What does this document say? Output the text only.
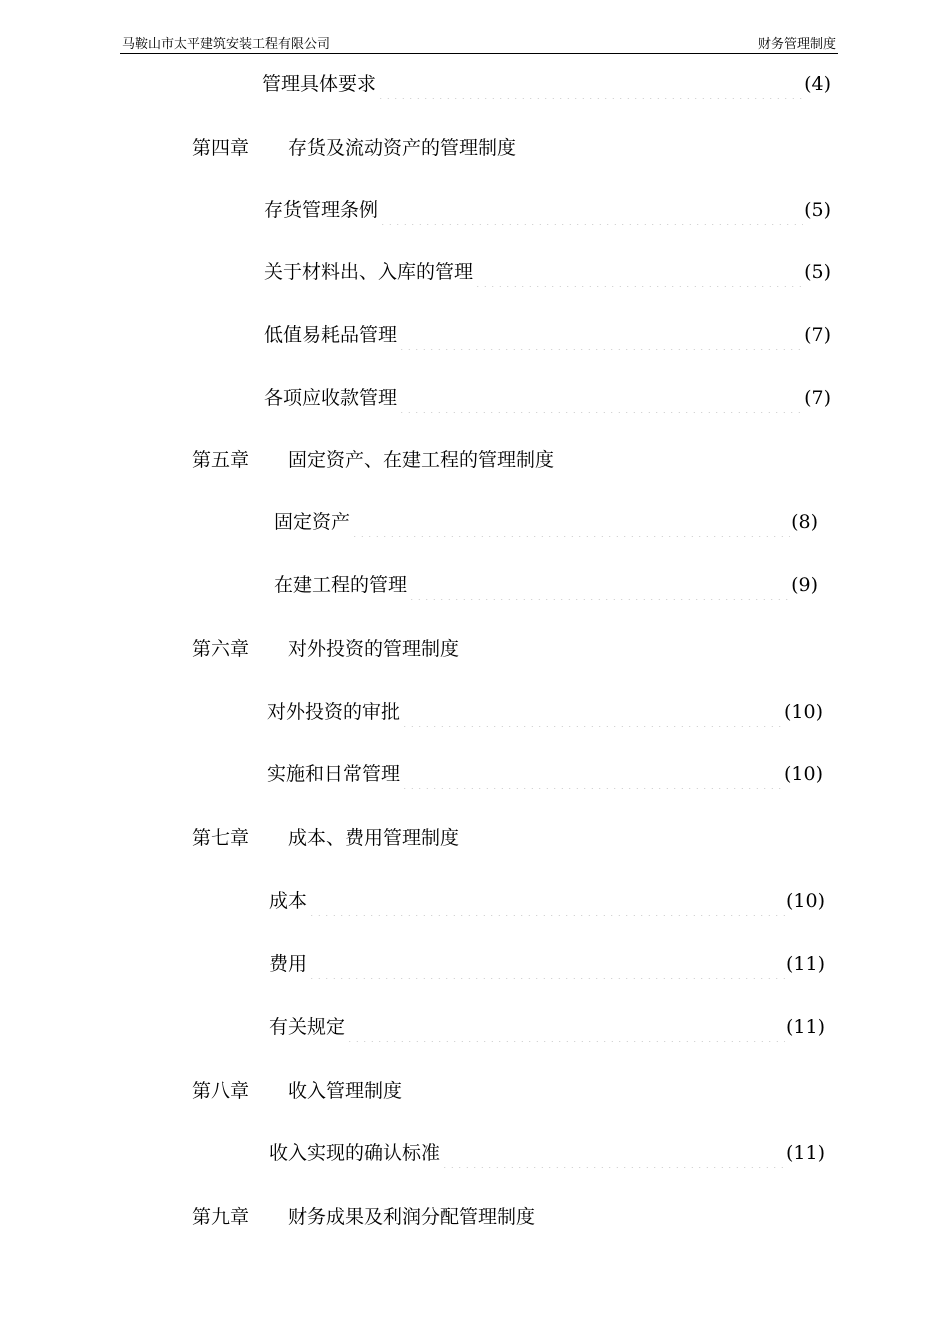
马鞍山市太平建筑安装工程有限公司	财务管理制度
管理具体要求	(4)
第四章 存货及流动资产的管理制度
存货管理条例	(5)
关于材料出、入库的管理	(5)
低值易耗品管理	(7)
各项应收款管理	(7)
第五章 固定资产、在建工程的管理制度
固定资产	(8)
在建工程的管理	(9)
第六章 对外投资的管理制度
对外投资的审批	(10)
实施和日常管理	(10)
第七章 成本、费用管理制度
成本	(10)
费用	(11)
有关规定	(11)
第八章 收入管理制度
收入实现的确认标准	(11)
第九章 财务成果及利润分配管理制度
